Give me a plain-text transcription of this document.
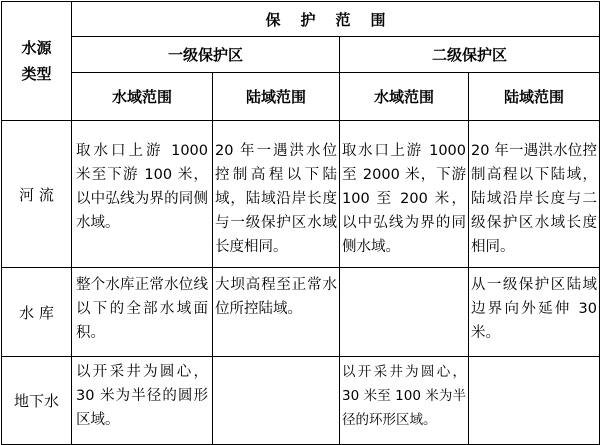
水源
类型	保护范围			
	一级保护区		二级保护区	
	水域范围	陆域范围	水域范围	陆域范围
河 流	取水口上游 1000 米至下游 100 米，以中弘线为界的同侧水域。	20 年一遇洪水位控制高程以下陆域，陆域沿岸长度与一级保护区水域长度相同。	取水口上游 1000 至 2000 米，下游 100 至 200 米，以中弘线为界的同侧水域。	20 年一遇洪水位控制高程以下陆域，陆域沿岸长度与二级保护区水域长度相同。
水 库	整个水库正常水位线以下的全部水域面积。	大坝高程至正常水位所控陆域。		从一级保护区陆域边界向外延伸 30 米。
地下水	以开采井为圆心， 30 米为半径的圆形区域。		以开采井为圆心，30 米至 100 米为半径的环形区域。	
